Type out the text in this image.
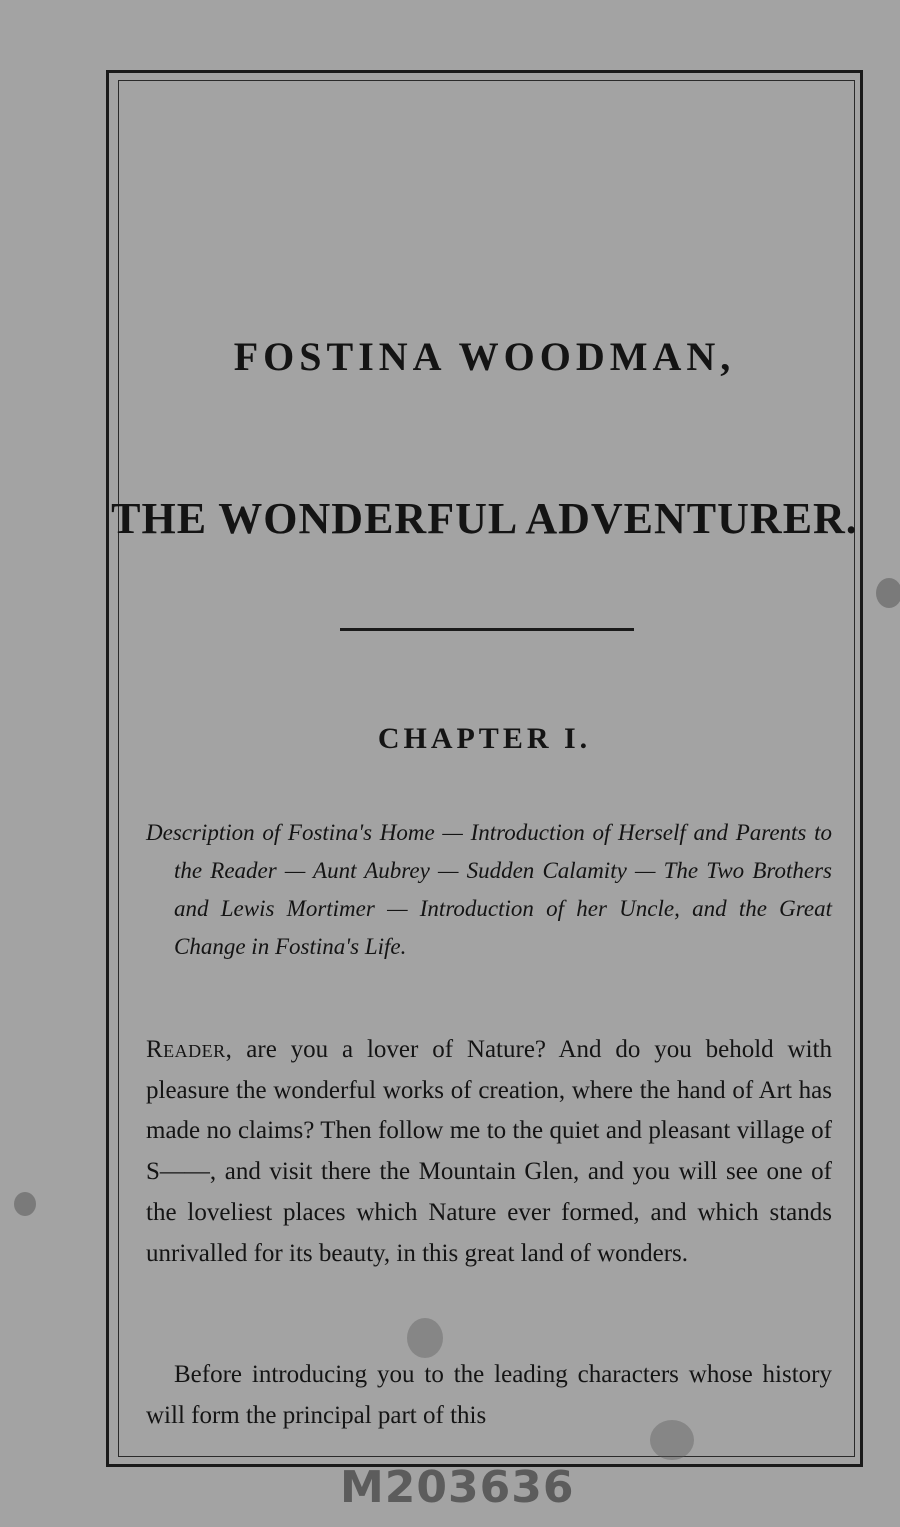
FOSTINA WOODMAN,
THE WONDERFUL ADVENTURER.
CHAPTER I.

Description of Fostina's Home — Introduction of Herself and Parents to the Reader — Aunt Aubrey — Sudden Calamity — The Two Brothers and Lewis Mortimer — Introduction of her Uncle, and the Great Change in Fostina's Life.

Reader, are you a lover of Nature? And do you behold with pleasure the wonderful works of creation, where the hand of Art has made no claims? Then follow me to the quiet and pleasant village of S——, and visit there the Mountain Glen, and you will see one of the loveliest places which Nature ever formed, and which stands unrivalled for its beauty, in this great land of wonders.

Before introducing you to the leading characters whose history will form the principal part of this

M203636
